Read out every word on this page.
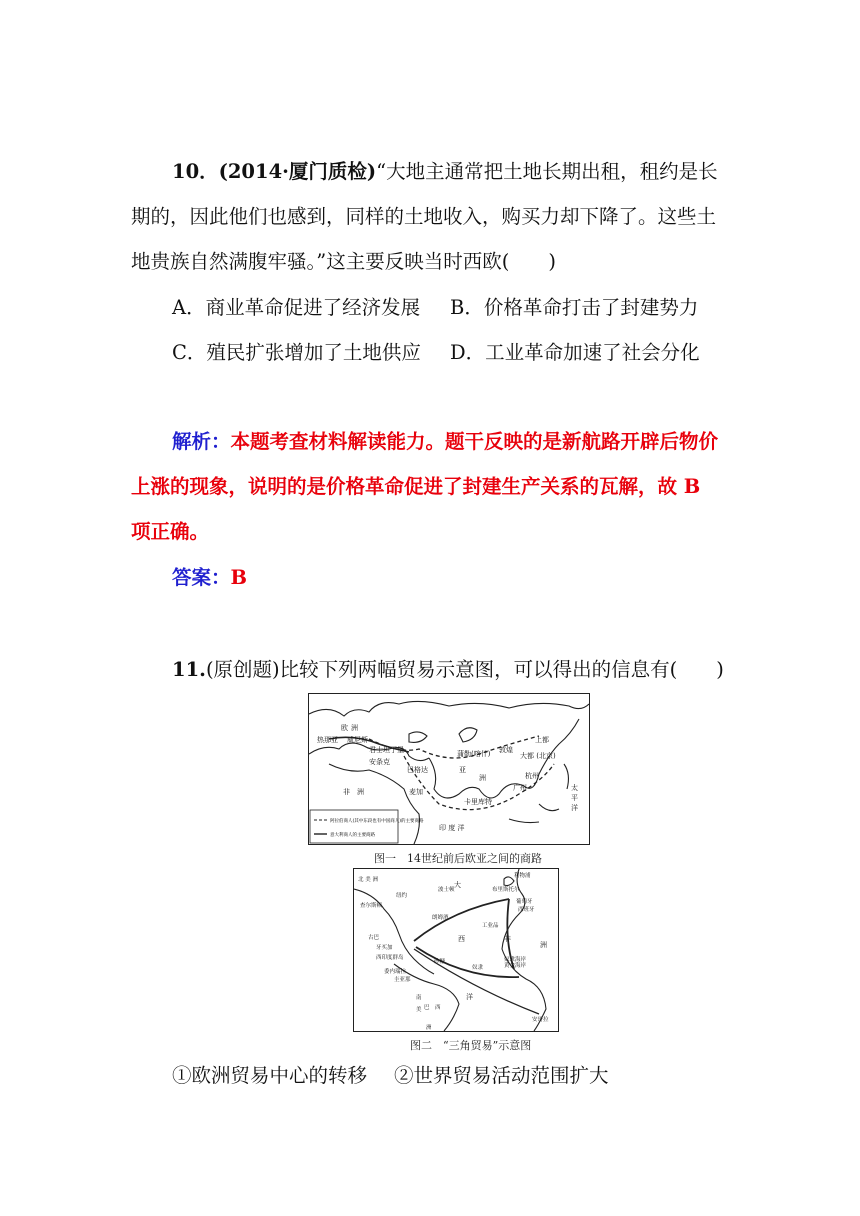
10．(2014·厦门质检)“大地主通常把土地长期出租，租约是长
期的，因此他们也感到，同样的土地收入，购买力却下降了。这些土
地贵族自然满腹牢骚。”这主要反映当时西欧(　　)
A．商业革命促进了经济发展 B．价格革命打击了封建势力
C．殖民扩张增加了土地供应 D．工业革命加速了社会分化
解析：本题考查材料解读能力。题干反映的是新航路开辟后物价
上涨的现象，说明的是价格革命促进了封建生产关系的瓦解，故 B
项正确。
答案：B
11.(原创题)比较下列两幅贸易示意图，可以得出的信息有(　　)
欧 洲
热那亚 威尼斯
君士坦丁堡
安条克
巴格达
蒲勒(喀什) 敦煌
上都
大都 (北京)
亚
洲
广州
杭州
非　洲	麦加
卡里库特
印 度 洋
太
平
洋
阿拉伯商人(其中东段也有中国商人)的主要商路
意大利商人的主要商路
图一　14世纪前后欧亚之间的商路
北 美 洲
大
西
洋
非
洲
南
美
洲
巴　西
利物浦
布里斯托尔
葡萄牙
西班牙
查尔斯顿
纽约
波士顿
古巴
牙买加
西印度群岛
委内瑞拉
圭亚那
砂糖
奴隶	黄金海岸
奴隶海岸
安哥拉
工业品
朗姆酒
图二　“三角贸易”示意图
①欧洲贸易中心的转移 ②世界贸易活动范围扩大
